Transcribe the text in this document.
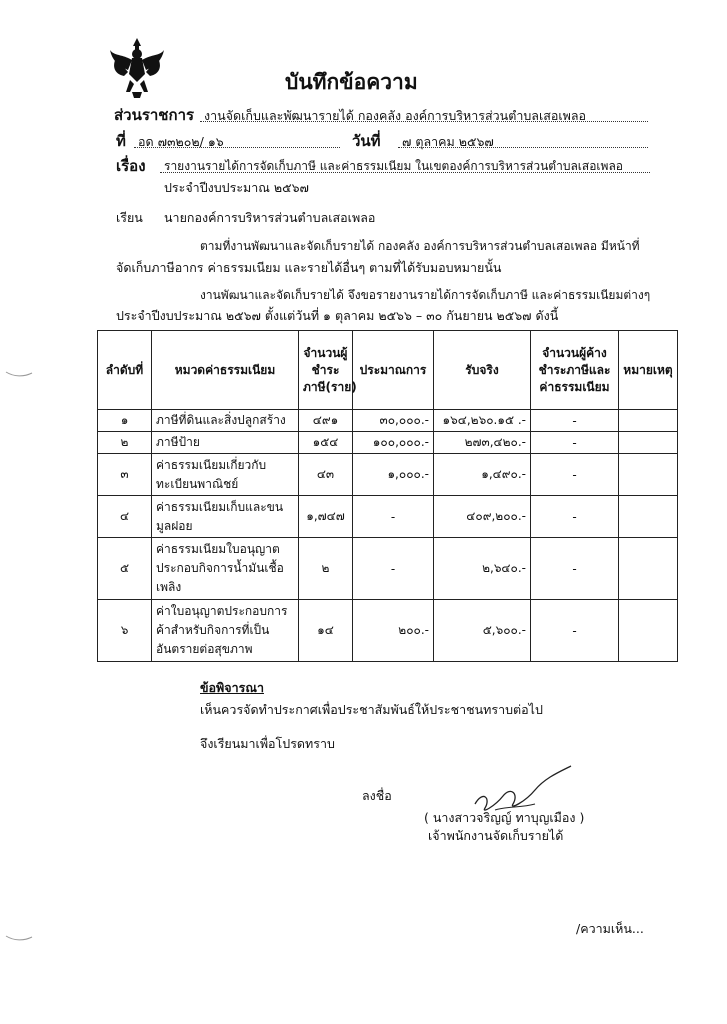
บันทึกข้อความ
ส่วนราชการ งานจัดเก็บและพัฒนารายได้ กองคลัง องค์การบริหารส่วนตำบลเสอเพลอ
ที่ อด ๗๓๒๐๒/ ๑๖	วันที่ ๗ ตุลาคม ๒๕๖๗
เรื่อง รายงานรายได้การจัดเก็บภาษี และค่าธรรมเนียม ในเขตองค์การบริหารส่วนตำบลเสอเพลอ
ประจำปีงบประมาณ ๒๕๖๗
เรียน นายกองค์การบริหารส่วนตำบลเสอเพลอ
ตามที่งานพัฒนาและจัดเก็บรายได้ กองคลัง องค์การบริหารส่วนตำบลเสอเพลอ มีหน้าที่
จัดเก็บภาษีอากร ค่าธรรมเนียม และรายได้อื่นๆ ตามที่ได้รับมอบหมายนั้น
งานพัฒนาและจัดเก็บรายได้ จึงขอรายงานรายได้การจัดเก็บภาษี และค่าธรรมเนียมต่างๆ
ประจำปีงบประมาณ ๒๕๖๗ ตั้งแต่วันที่ ๑ ตุลาคม ๒๕๖๖ – ๓๐ กันยายน ๒๕๖๗ ดังนี้
ลำดับที่	หมวดค่าธรรมเนียม	จำนวนผู้ชำระภาษี(ราย)	ประมาณการ	รับจริง	จำนวนผู้ค้างชำระภาษีและค่าธรรมเนียม	หมายเหตุ
๑	ภาษีที่ดินและสิ่งปลูกสร้าง	๔๙๑	๓๐,๐๐๐.-	๑๖๔,๒๖๐.๑๕ .-	-	
๒	ภาษีป้าย	๑๕๔	๑๐๐,๐๐๐.-	๒๗๓,๔๒๐.-	-	
๓	ค่าธรรมเนียมเกี่ยวกับทะเบียนพาณิชย์	๔๓	๑,๐๐๐.-	๑,๔๙๐.-	-	
๔	ค่าธรรมเนียมเก็บและขนมูลฝอย	๑,๗๔๗	-	๔๐๙,๒๐๐.-	-	
๕	ค่าธรรมเนียมใบอนุญาตประกอบกิจการน้ำมันเชื้อเพลิง	๒	-	๒,๖๔๐.-	-	
๖	ค่าใบอนุญาตประกอบการค้าสำหรับกิจการที่เป็นอันตรายต่อสุขภาพ	๑๔	๒๐๐.-	๕,๖๐๐.-	-	
ข้อพิจารณา
เห็นควรจัดทำประกาศเพื่อประชาสัมพันธ์ให้ประชาชนทราบต่อไป
จึงเรียนมาเพื่อโปรดทราบ
ลงชื่อ
( นางสาวจริญญ์ ทาบุญเมือง )
เจ้าพนักงานจัดเก็บรายได้
/ความเห็น...
